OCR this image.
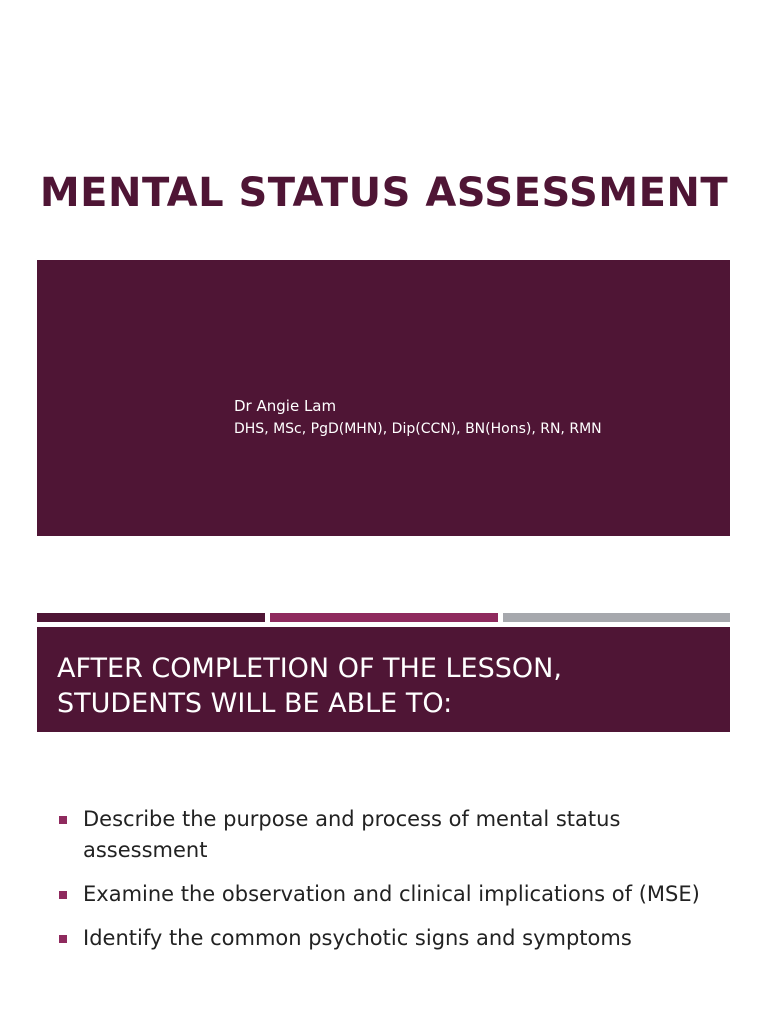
MENTAL STATUS ASSESSMENT
Dr Angie Lam
DHS, MSc, PgD(MHN), Dip(CCN), BN(Hons), RN, RMN
AFTER COMPLETION OF THE LESSON,
STUDENTS WILL BE ABLE TO:
Describe the purpose and process of mental status assessment
Examine the observation and clinical implications of (MSE)
Identify the common psychotic signs and symptoms
